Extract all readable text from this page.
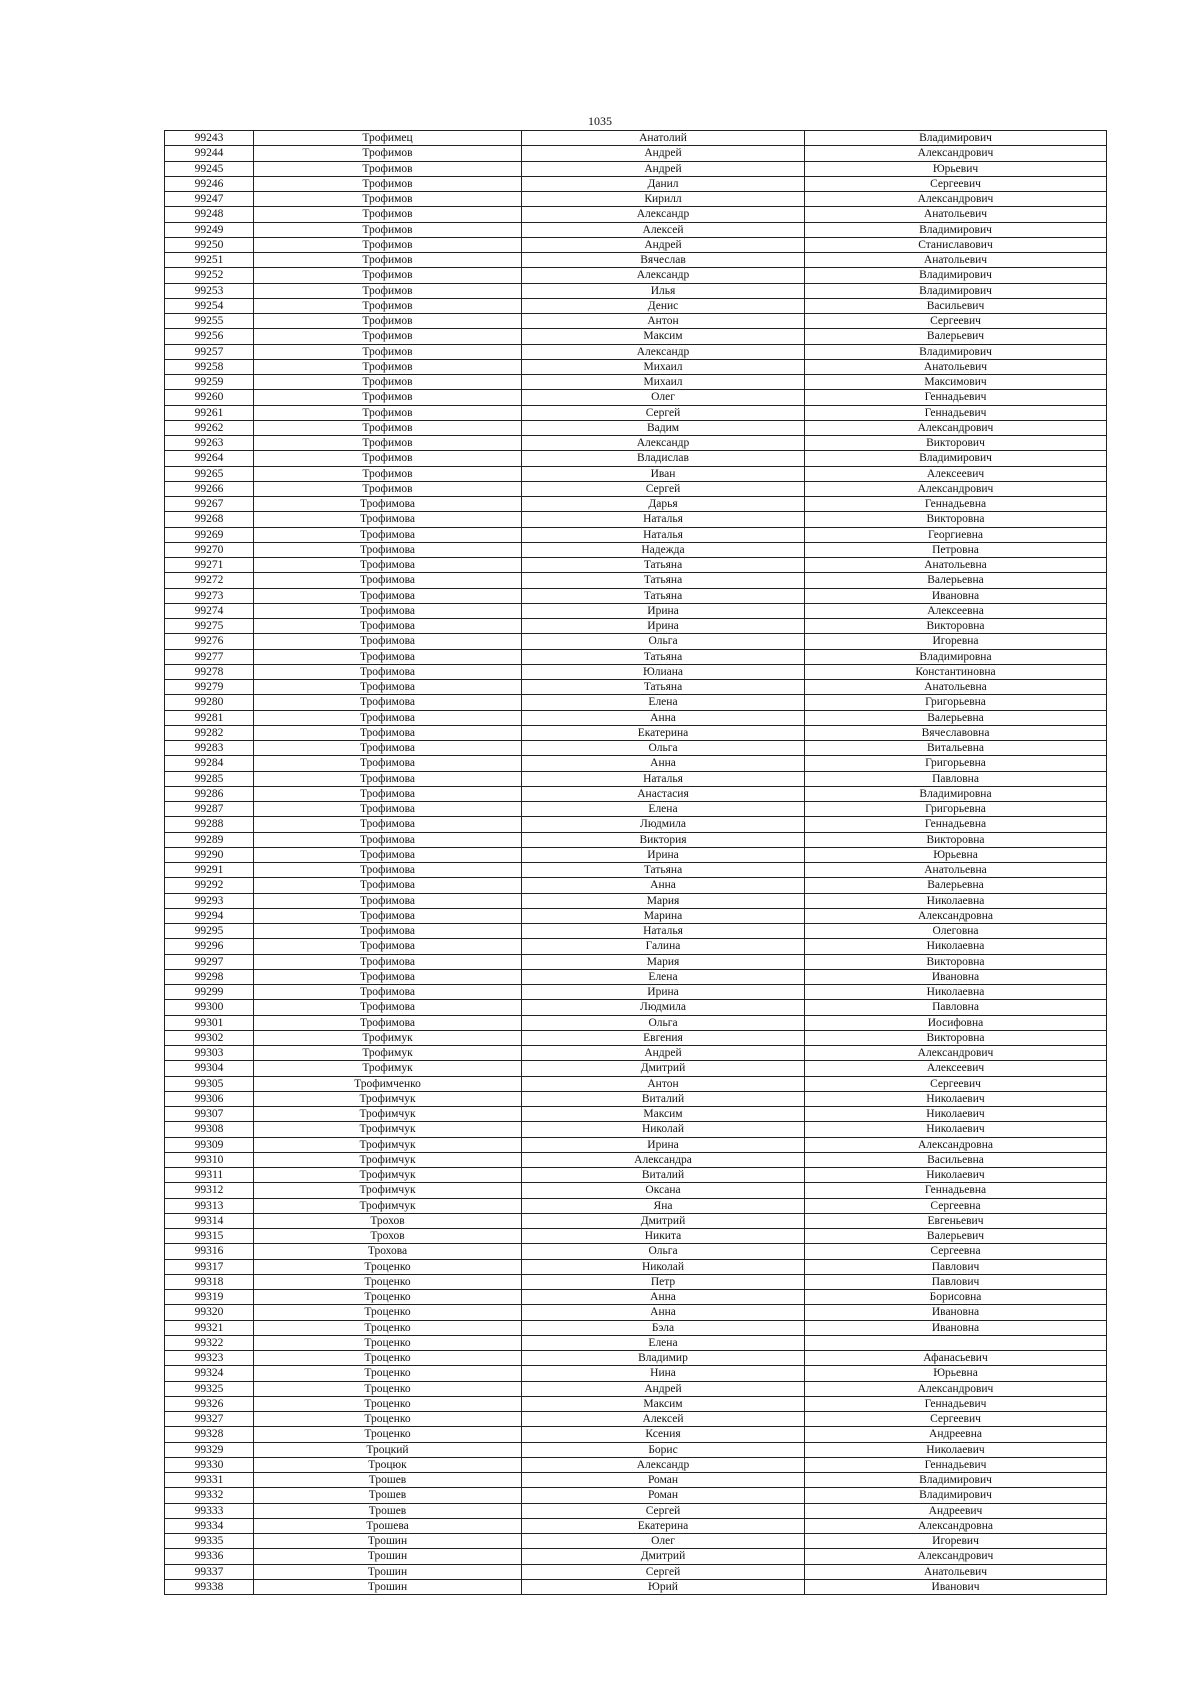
1035
99243	Трофимец	Анатолий	Владимирович
99244	Трофимов	Андрей	Александрович
99245	Трофимов	Андрей	Юрьевич
99246	Трофимов	Данил	Сергеевич
99247	Трофимов	Кирилл	Александрович
99248	Трофимов	Александр	Анатольевич
99249	Трофимов	Алексей	Владимирович
99250	Трофимов	Андрей	Станиславович
99251	Трофимов	Вячеслав	Анатольевич
99252	Трофимов	Александр	Владимирович
99253	Трофимов	Илья	Владимирович
99254	Трофимов	Денис	Васильевич
99255	Трофимов	Антон	Сергеевич
99256	Трофимов	Максим	Валерьевич
99257	Трофимов	Александр	Владимирович
99258	Трофимов	Михаил	Анатольевич
99259	Трофимов	Михаил	Максимович
99260	Трофимов	Олег	Геннадьевич
99261	Трофимов	Сергей	Геннадьевич
99262	Трофимов	Вадим	Александрович
99263	Трофимов	Александр	Викторович
99264	Трофимов	Владислав	Владимирович
99265	Трофимов	Иван	Алексеевич
99266	Трофимов	Сергей	Александрович
99267	Трофимова	Дарья	Геннадьевна
99268	Трофимова	Наталья	Викторовна
99269	Трофимова	Наталья	Георгиевна
99270	Трофимова	Надежда	Петровна
99271	Трофимова	Татьяна	Анатольевна
99272	Трофимова	Татьяна	Валерьевна
99273	Трофимова	Татьяна	Ивановна
99274	Трофимова	Ирина	Алексеевна
99275	Трофимова	Ирина	Викторовна
99276	Трофимова	Ольга	Игоревна
99277	Трофимова	Татьяна	Владимировна
99278	Трофимова	Юлиана	Константиновна
99279	Трофимова	Татьяна	Анатольевна
99280	Трофимова	Елена	Григорьевна
99281	Трофимова	Анна	Валерьевна
99282	Трофимова	Екатерина	Вячеславовна
99283	Трофимова	Ольга	Витальевна
99284	Трофимова	Анна	Григорьевна
99285	Трофимова	Наталья	Павловна
99286	Трофимова	Анастасия	Владимировна
99287	Трофимова	Елена	Григорьевна
99288	Трофимова	Людмила	Геннадьевна
99289	Трофимова	Виктория	Викторовна
99290	Трофимова	Ирина	Юрьевна
99291	Трофимова	Татьяна	Анатольевна
99292	Трофимова	Анна	Валерьевна
99293	Трофимова	Мария	Николаевна
99294	Трофимова	Марина	Александровна
99295	Трофимова	Наталья	Олеговна
99296	Трофимова	Галина	Николаевна
99297	Трофимова	Мария	Викторовна
99298	Трофимова	Елена	Ивановна
99299	Трофимова	Ирина	Николаевна
99300	Трофимова	Людмила	Павловна
99301	Трофимова	Ольга	Иосифовна
99302	Трофимук	Евгения	Викторовна
99303	Трофимук	Андрей	Александрович
99304	Трофимук	Дмитрий	Алексеевич
99305	Трофимченко	Антон	Сергеевич
99306	Трофимчук	Виталий	Николаевич
99307	Трофимчук	Максим	Николаевич
99308	Трофимчук	Николай	Николаевич
99309	Трофимчук	Ирина	Александровна
99310	Трофимчук	Александра	Васильевна
99311	Трофимчук	Виталий	Николаевич
99312	Трофимчук	Оксана	Геннадьевна
99313	Трофимчук	Яна	Сергеевна
99314	Трохов	Дмитрий	Евгеньевич
99315	Трохов	Никита	Валерьевич
99316	Трохова	Ольга	Сергеевна
99317	Троценко	Николай	Павлович
99318	Троценко	Петр	Павлович
99319	Троценко	Анна	Борисовна
99320	Троценко	Анна	Ивановна
99321	Троценко	Бэла	Ивановна
99322	Троценко	Елена	
99323	Троценко	Владимир	Афанасьевич
99324	Троценко	Нина	Юрьевна
99325	Троценко	Андрей	Александрович
99326	Троценко	Максим	Геннадьевич
99327	Троценко	Алексей	Сергеевич
99328	Троценко	Ксения	Андреевна
99329	Троцкий	Борис	Николаевич
99330	Троцюк	Александр	Геннадьевич
99331	Трошев	Роман	Владимирович
99332	Трошев	Роман	Владимирович
99333	Трошев	Сергей	Андреевич
99334	Трошева	Екатерина	Александровна
99335	Трошин	Олег	Игоревич
99336	Трошин	Дмитрий	Александрович
99337	Трошин	Сергей	Анатольевич
99338	Трошин	Юрий	Иванович
